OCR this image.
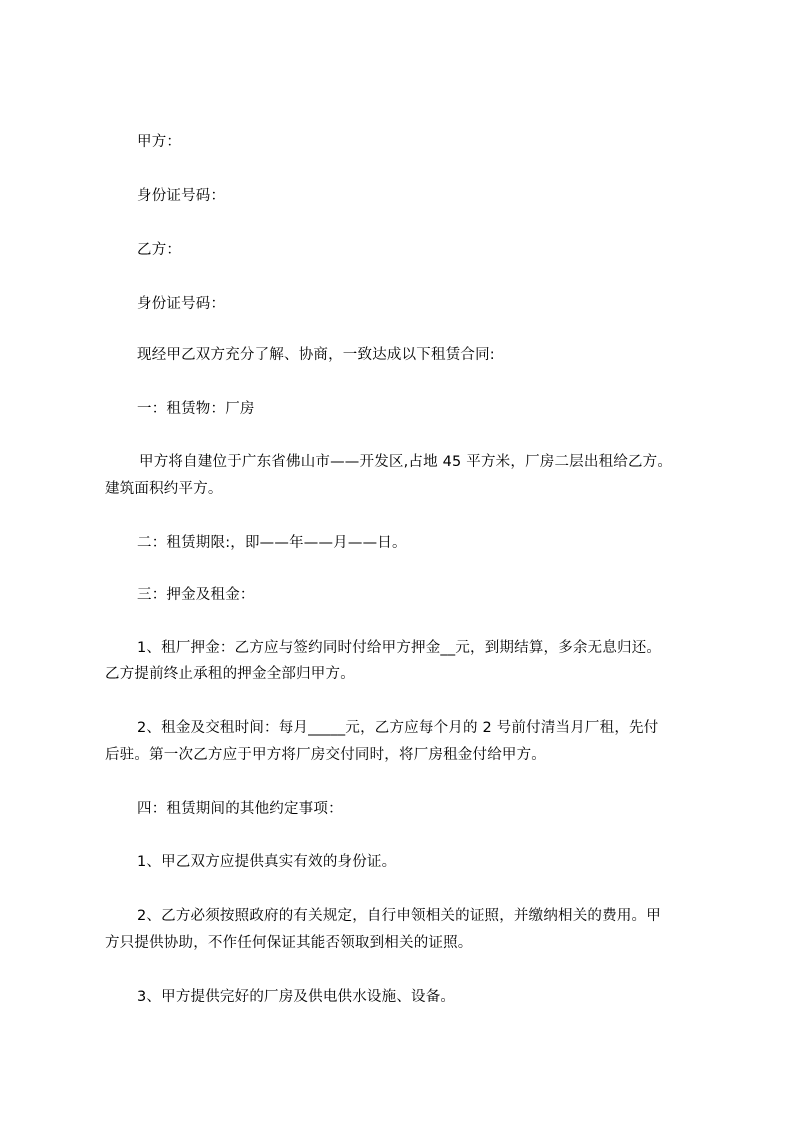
甲方：
身份证号码：
乙方：
身份证号码：
现经甲乙双方充分了解、协商，一致达成以下租赁合同:
一：租赁物：厂房
甲方将自建位于广东省佛山市——开发区,占地 45 平方米，厂房二层出租给乙方。
建筑面积约平方。
二：租赁期限:，即——年——月——日。
三：押金及租金：
1、租厂押金：乙方应与签约同时付给甲方押金__元，到期结算，多余无息归还。
乙方提前终止承租的押金全部归甲方。
2、租金及交租时间：每月_____元，乙方应每个月的 2 号前付清当月厂租，先付
后驻。第一次乙方应于甲方将厂房交付同时，将厂房租金付给甲方。
四：租赁期间的其他约定事项：
1、甲乙双方应提供真实有效的身份证。
2、乙方必须按照政府的有关规定，自行申领相关的证照，并缴纳相关的费用。甲
方只提供协助，不作任何保证其能否领取到相关的证照。
3、甲方提供完好的厂房及供电供水设施、设备。
